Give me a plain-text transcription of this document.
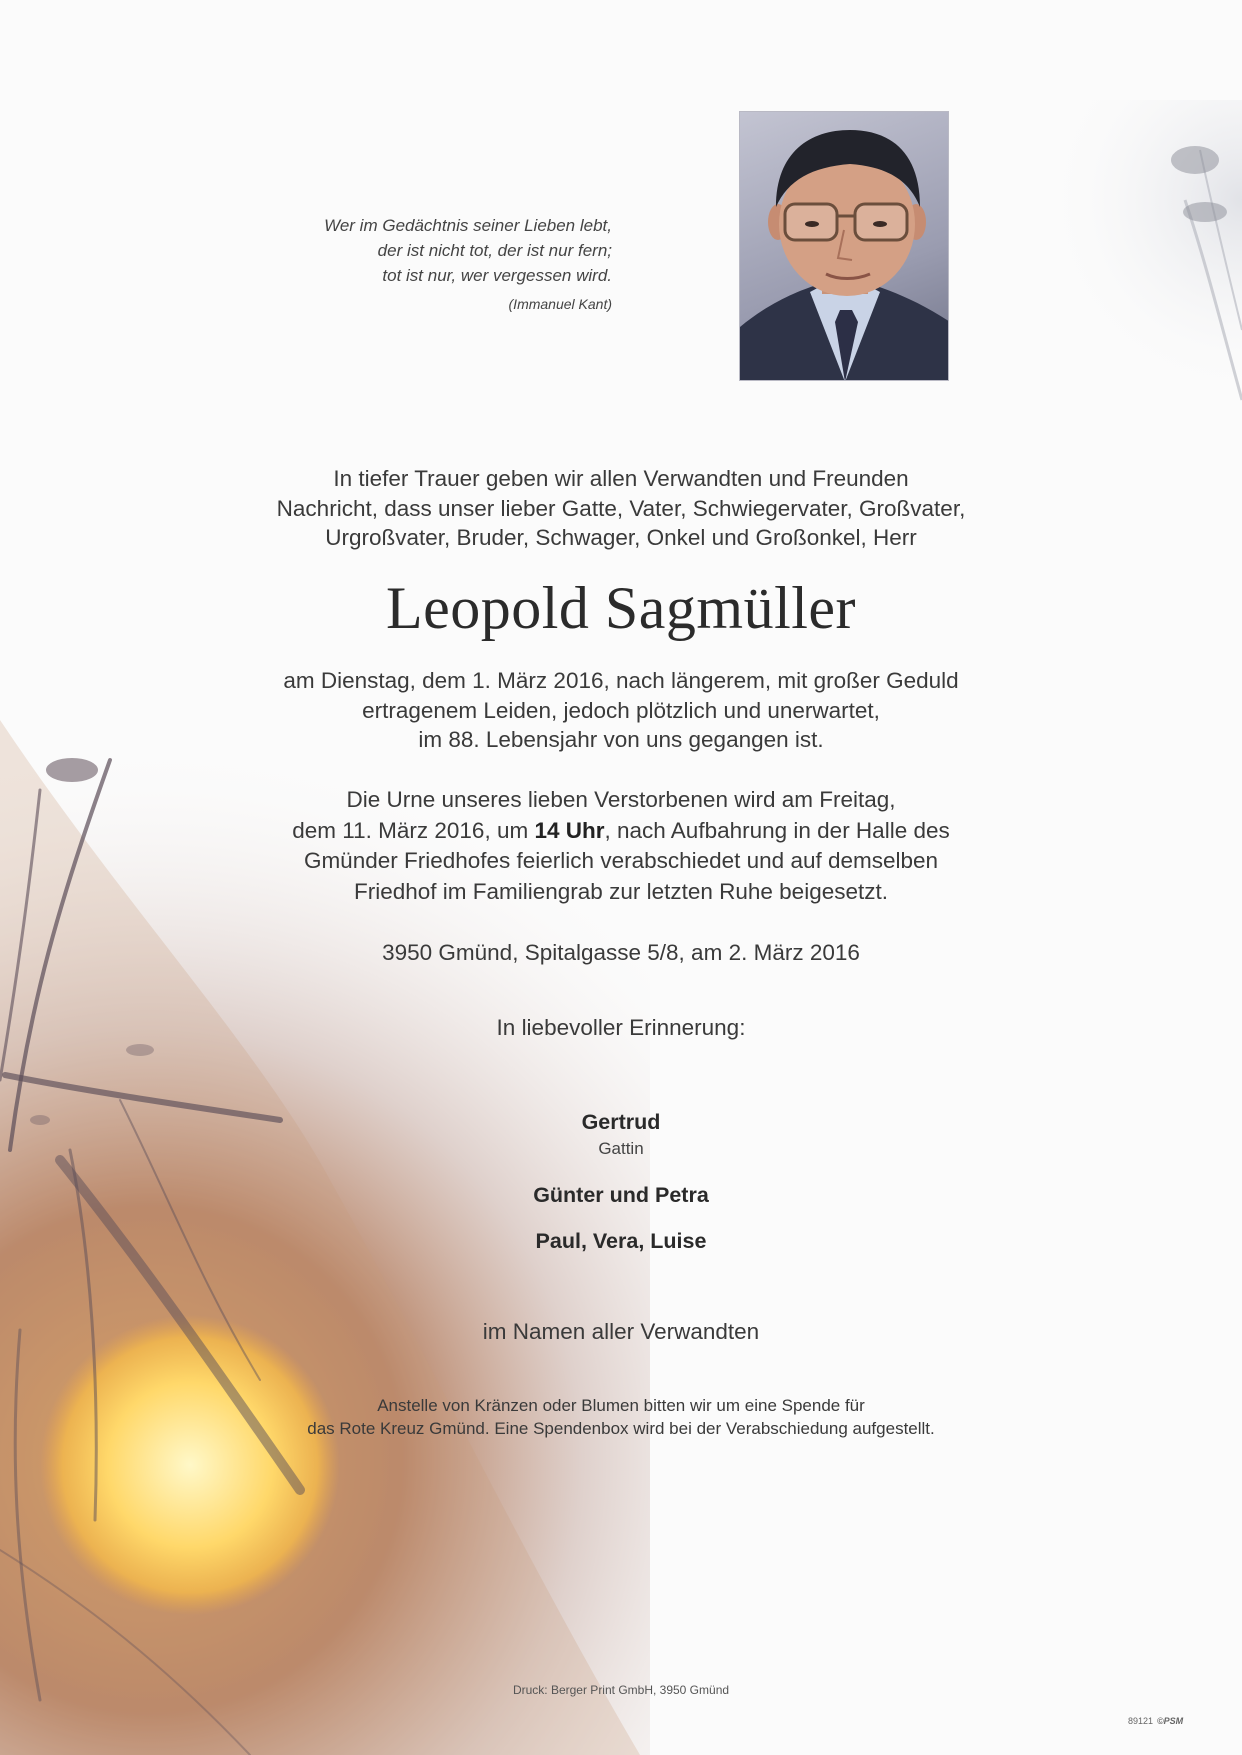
Wer im Gedächtnis seiner Lieben lebt,
der ist nicht tot, der ist nur fern;
tot ist nur, wer vergessen wird.
(Immanuel Kant)
In tiefer Trauer geben wir allen Verwandten und Freunden
Nachricht, dass unser lieber Gatte, Vater, Schwiegervater, Großvater,
Urgroßvater, Bruder, Schwager, Onkel und Großonkel, Herr
Leopold Sagmüller
am Dienstag, dem 1. März 2016, nach längerem, mit großer Geduld
ertragenem Leiden, jedoch plötzlich und unerwartet,
im 88. Lebensjahr von uns gegangen ist.
Die Urne unseres lieben Verstorbenen wird am Freitag,
dem 11. März 2016, um 14 Uhr, nach Aufbahrung in der Halle des
Gmünder Friedhofes feierlich verabschiedet und auf demselben
Friedhof im Familiengrab zur letzten Ruhe beigesetzt.
3950 Gmünd, Spitalgasse 5/8, am 2. März 2016
In liebevoller Erinnerung:
Gertrud
Gattin
Günter und Petra
Paul, Vera, Luise
im Namen aller Verwandten
Anstelle von Kränzen oder Blumen bitten wir um eine Spende für
das Rote Kreuz Gmünd. Eine Spendenbox wird bei der Verabschiedung aufgestellt.
Druck: Berger Print GmbH, 3950 Gmünd
89121 ©PSM
